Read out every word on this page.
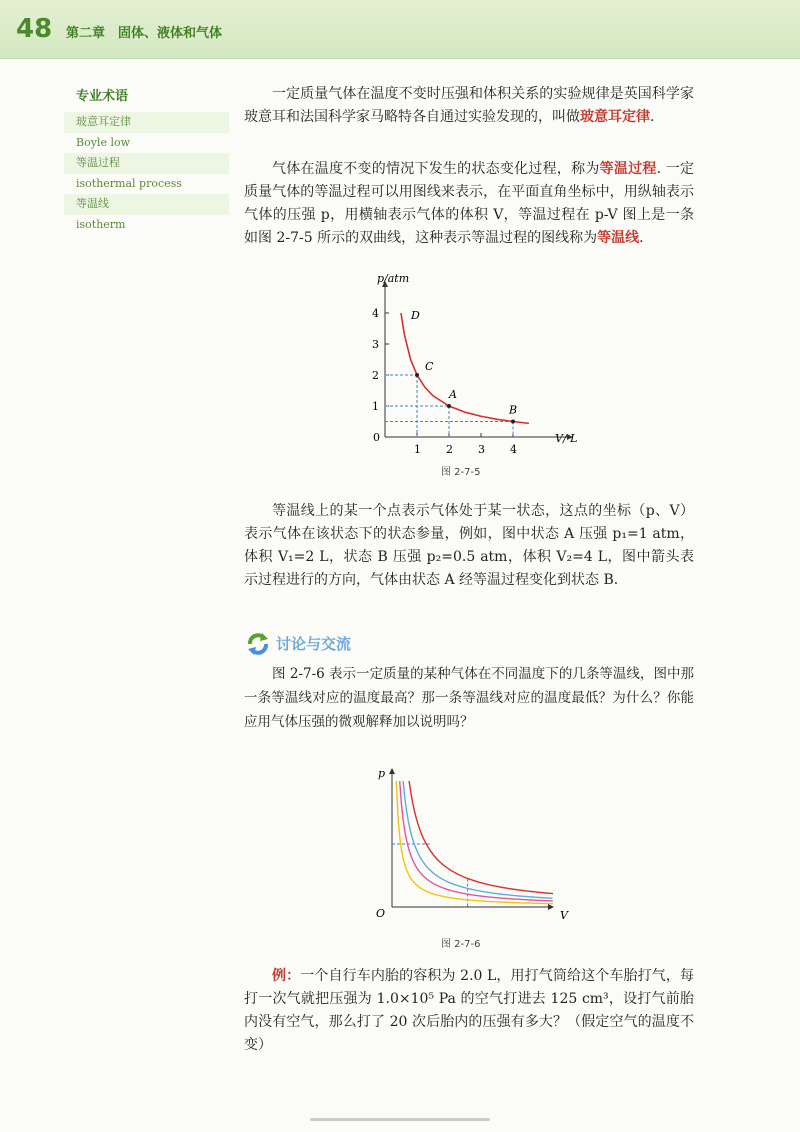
48 第二章　固体、液体和气体
专业术语
玻意耳定律
Boyle low
等温过程
isothermal process
等温线
isotherm
一定质量气体在温度不变时压强和体积关系的实验规律是英国科学家玻意耳和法国科学家马略特各自通过实验发现的，叫做玻意耳定律.
气体在温度不变的情况下发生的状态变化过程，称为等温过程. 一定质量气体的等温过程可以用图线来表示，在平面直角坐标中，用纵轴表示气体的压强 p，用横轴表示气体的体积 V，等温过程在 p-V 图上是一条如图 2-7-5 所示的双曲线，这种表示等温过程的图线称为等温线.
p/atm
V/ L
0
1 2 3 4
1
2
3
4	D
C
A
B
图 2-7-5
等温线上的某一个点表示气体处于某一状态，这点的坐标（p、V）表示气体在该状态下的状态参量，例如，图中状态 A 压强 p₁=1 atm，体积 V₁=2 L，状态 B 压强 p₂=0.5 atm，体积 V₂=4 L，图中箭头表示过程进行的方向，气体由状态 A 经等温过程变化到状态 B.
讨论与交流
图 2-7-6 表示一定质量的某种气体在不同温度下的几条等温线，图中那一条等温线对应的温度最高？那一条等温线对应的温度最低？为什么？你能应用气体压强的微观解释加以说明吗？
p
V
O
图 2-7-6
例：一个自行车内胎的容积为 2.0 L，用打气筒给这个车胎打气，每打一次气就把压强为 1.0×10⁵ Pa 的空气打进去 125 cm³，设打气前胎内没有空气，那么打了 20 次后胎内的压强有多大？（假定空气的温度不变）
